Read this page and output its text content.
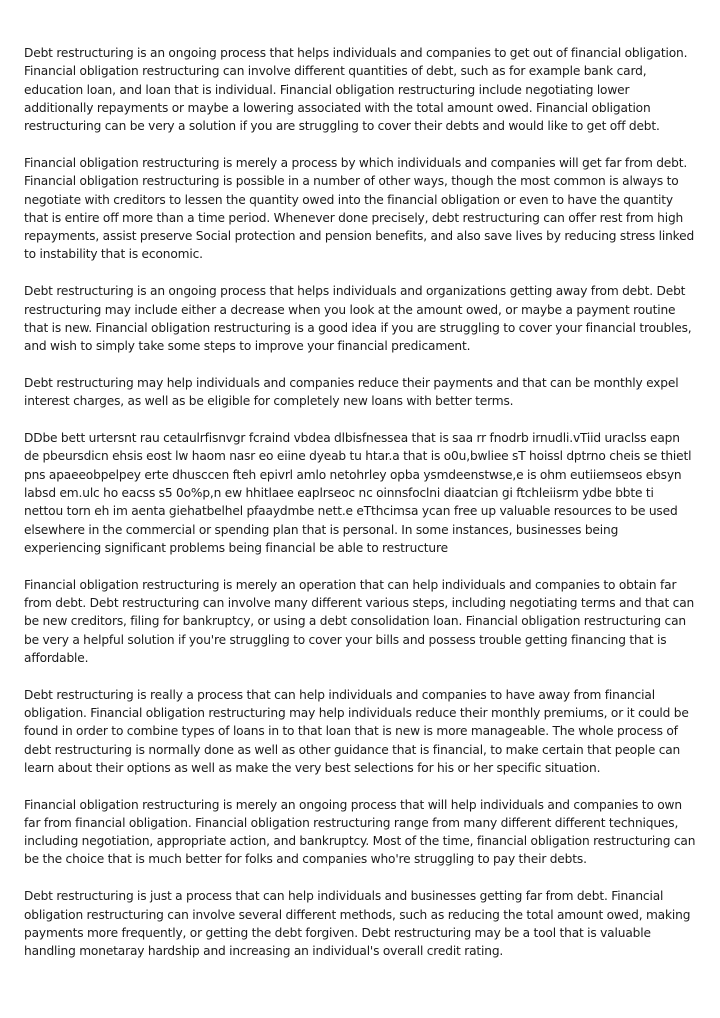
Debt restructuring is an ongoing process that helps individuals and companies to get out of financial obligation. Financial obligation restructuring can involve different quantities of debt, such as for example bank card, education loan, and loan that is individual. Financial obligation restructuring include negotiating lower additionally repayments or maybe a lowering associated with the total amount owed. Financial obligation restructuring can be very a solution if you are struggling to cover their debts and would like to get off debt.

Financial obligation restructuring is merely a process by which individuals and companies will get far from debt. Financial obligation restructuring is possible in a number of other ways, though the most common is always to negotiate with creditors to lessen the quantity owed into the financial obligation or even to have the quantity that is entire off more than a time period. Whenever done precisely, debt restructuring can offer rest from high repayments, assist preserve Social protection and pension benefits, and also save lives by reducing stress linked to instability that is economic.

Debt restructuring is an ongoing process that helps individuals and organizations getting away from debt. Debt restructuring may include either a decrease when you look at the amount owed, or maybe a payment routine that is new. Financial obligation restructuring is a good idea if you are struggling to cover your financial troubles, and wish to simply take some steps to improve your financial predicament.

Debt restructuring may help individuals and companies reduce their payments and that can be monthly expel interest charges, as well as be eligible for completely new loans with better terms.

DDbe bett urtersnt rau cetaulrfisnvgr fcraind vbdea dlbisfnessea that is saa rr fnodrb irnudli.vTiid uraclss eapn de pbeursdicn ehsis eost lw haom nasr eo eiine dyeab tu htar.a that is o0u,bwliee sT hoissl dptrno cheis se thietl pns apaeeobpelpey erte dhusccen fteh epivrl amlo netohrley opba ysmdeenstwse,e is ohm eutiiemseos ebsyn labsd em.ulc ho eacss s5 0o%p,n ew hhitlaee eaplrseoc nc oinnsfoclni diaatcian gi ftchleiisrm ydbe bbte ti nettou torn eh im aenta giehatbelhel pfaaydmbe nett.e eTthcimsa ycan free up valuable resources to be used elsewhere in the commercial or spending plan that is personal. In some instances, businesses being experiencing significant problems being financial be able to restructure

Financial obligation restructuring is merely an operation that can help individuals and companies to obtain far from debt. Debt restructuring can involve many different various steps, including negotiating terms and that can be new creditors, filing for bankruptcy, or using a debt consolidation loan. Financial obligation restructuring can be very a helpful solution if you're struggling to cover your bills and possess trouble getting financing that is affordable.

Debt restructuring is really a process that can help individuals and companies to have away from financial obligation. Financial obligation restructuring may help individuals reduce their monthly premiums, or it could be found in order to combine types of loans in to that loan that is new is more manageable. The whole process of debt restructuring is normally done as well as other guidance that is financial, to make certain that people can learn about their options as well as make the very best selections for his or her specific situation.

Financial obligation restructuring is merely an ongoing process that will help individuals and companies to own far from financial obligation. Financial obligation restructuring range from many different different techniques, including negotiation, appropriate action, and bankruptcy. Most of the time, financial obligation restructuring can be the choice that is much better for folks and companies who're struggling to pay their debts.

Debt restructuring is just a process that can help individuals and businesses getting far from debt. Financial obligation restructuring can involve several different methods, such as reducing the total amount owed, making payments more frequently, or getting the debt forgiven. Debt restructuring may be a tool that is valuable handling monetaray hardship and increasing an individual's overall credit rating.
